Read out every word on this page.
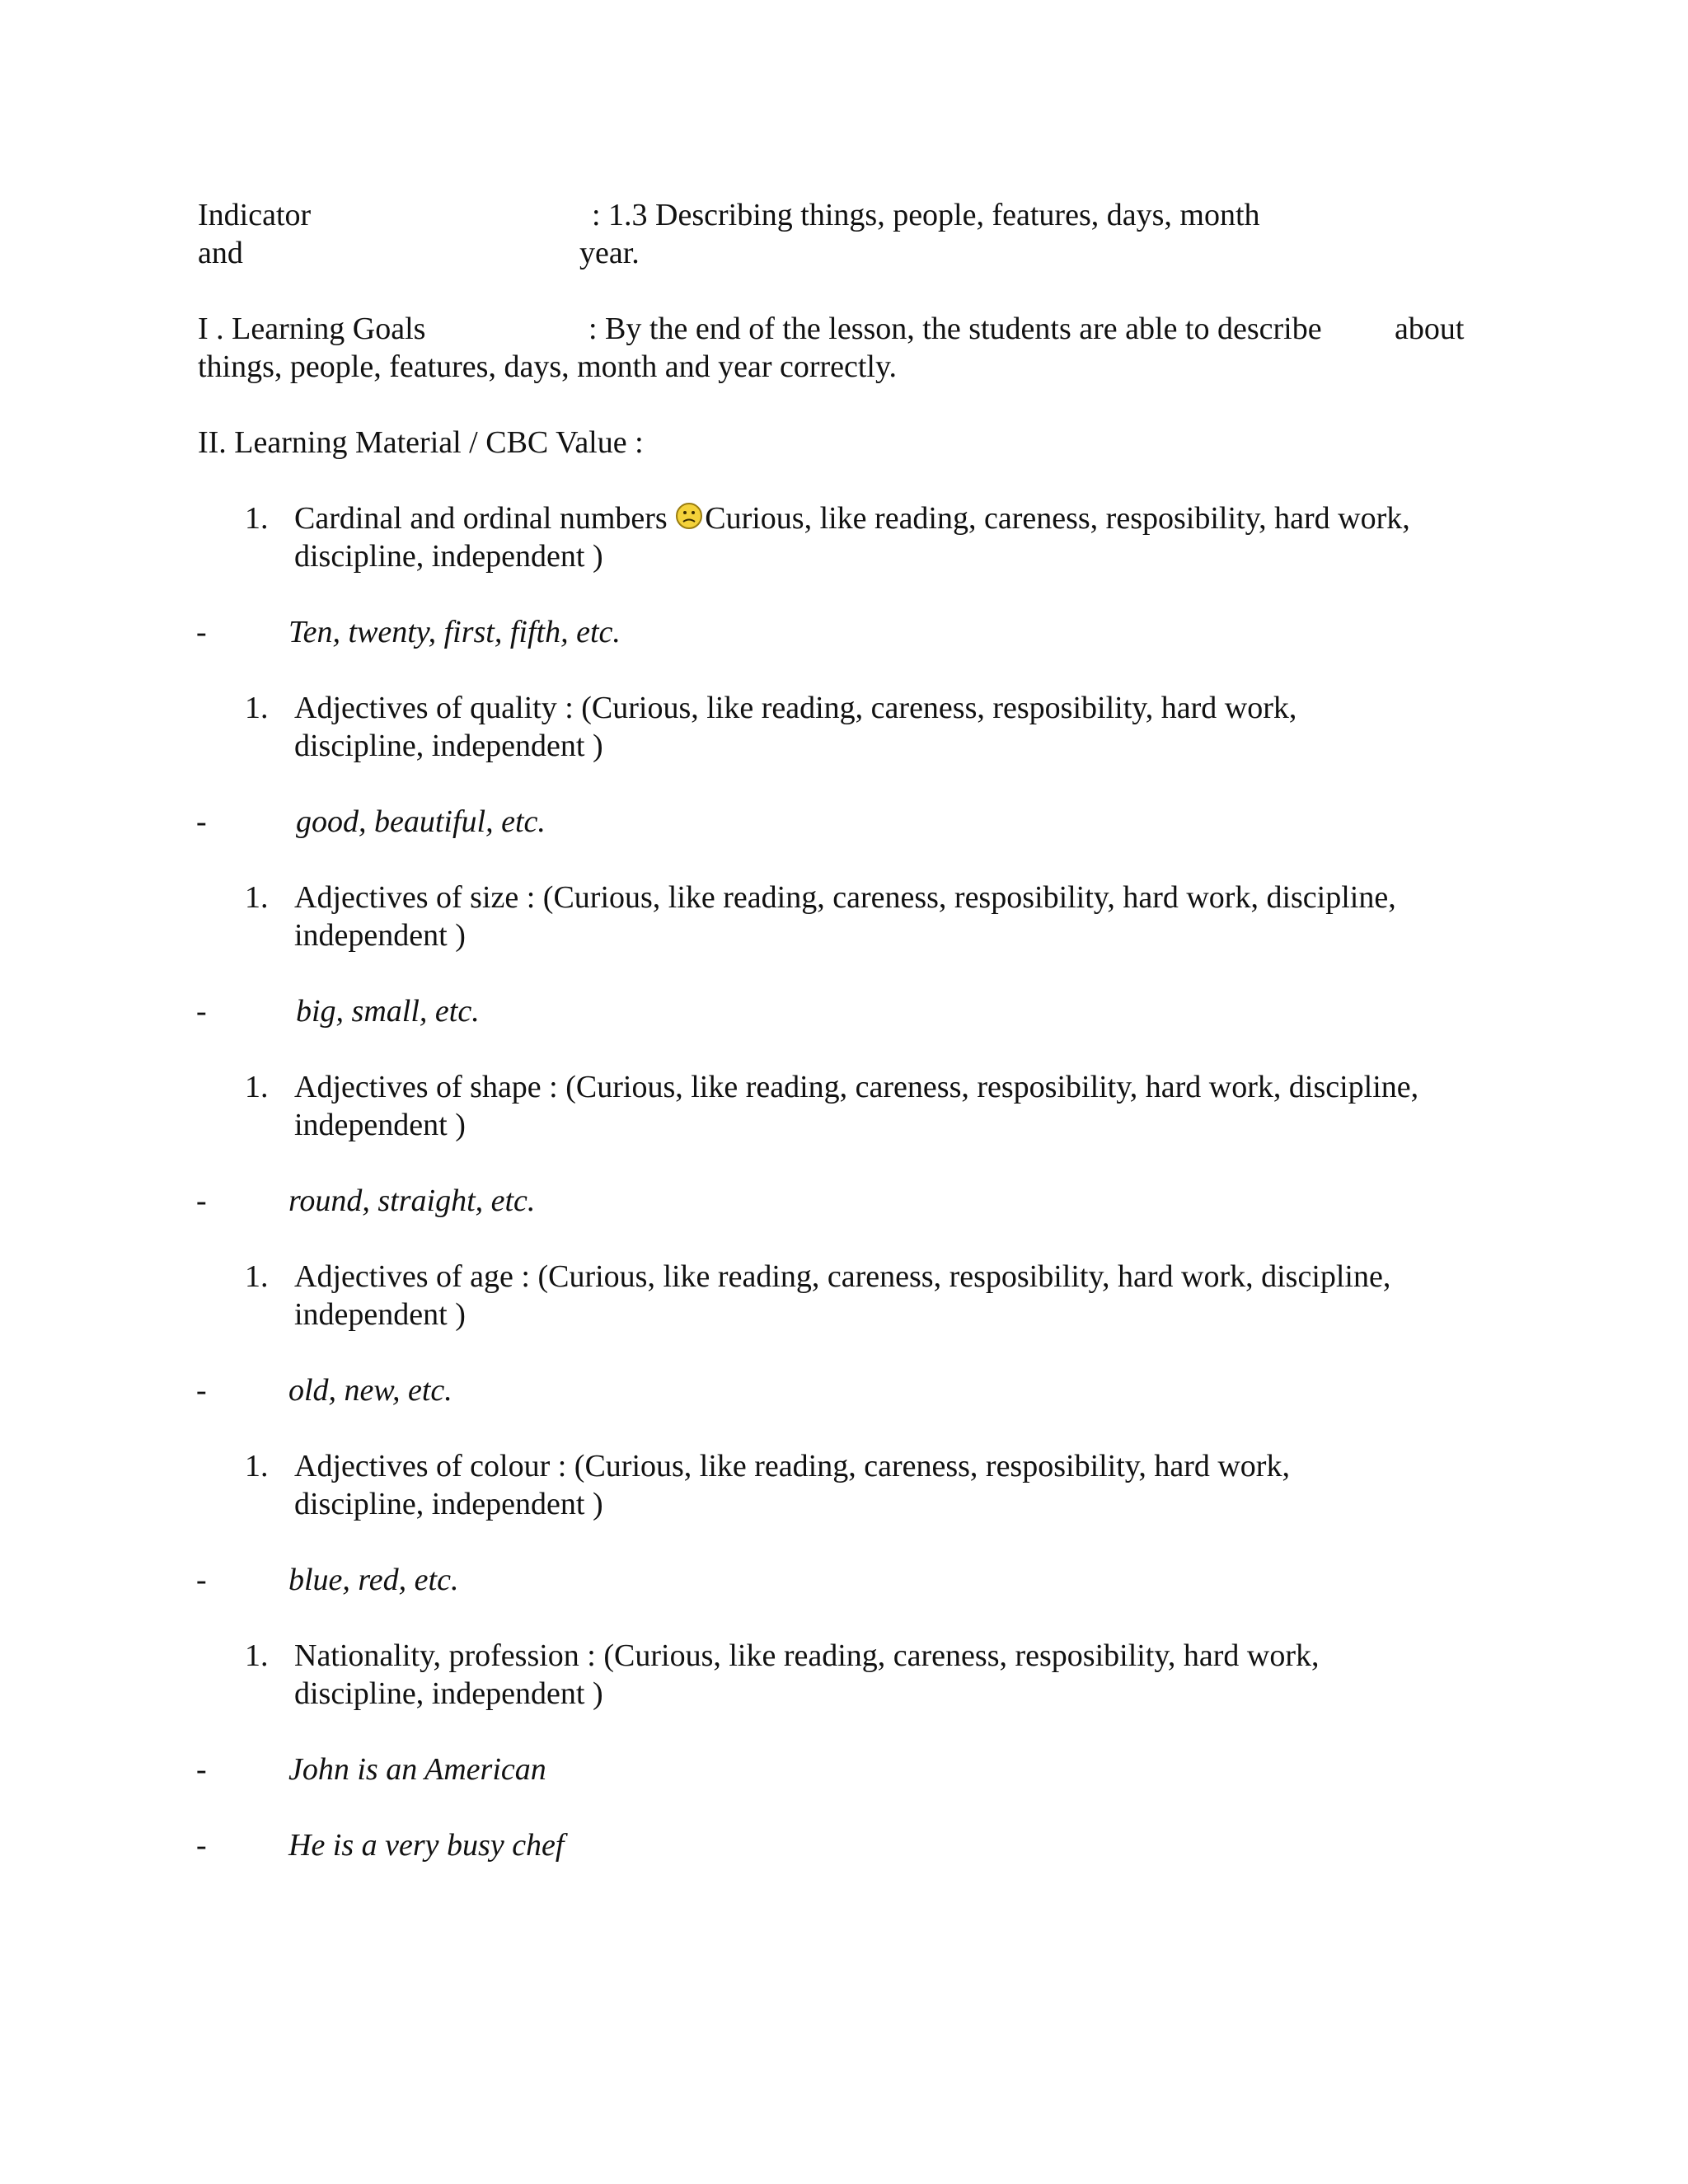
Indicator	: 1.3 Describing things, people, features, days, month
and	year.
I . Learning Goals	: By the end of the lesson, the students are able to describe about
things, people, features, days, month and year correctly.
II. Learning Material / CBC Value :
1. Cardinal and ordinal numbers Curious, like reading, careness, resposibility, hard work,
discipline, independent )
-	Ten, twenty, first, fifth, etc.
1. Adjectives of quality : (Curious, like reading, careness, resposibility, hard work,
discipline, independent )
-	good, beautiful, etc.
1. Adjectives of size : (Curious, like reading, careness, resposibility, hard work, discipline,
independent )
-	big, small, etc.
1. Adjectives of shape : (Curious, like reading, careness, resposibility, hard work, discipline,
independent )
-	round, straight, etc.
1. Adjectives of age : (Curious, like reading, careness, resposibility, hard work, discipline,
independent )
-	old, new, etc.
1. Adjectives of colour : (Curious, like reading, careness, resposibility, hard work,
discipline, independent )
-	blue, red, etc.
1. Nationality, profession : (Curious, like reading, careness, resposibility, hard work,
discipline, independent )
-	John is an American
-	He is a very busy chef
